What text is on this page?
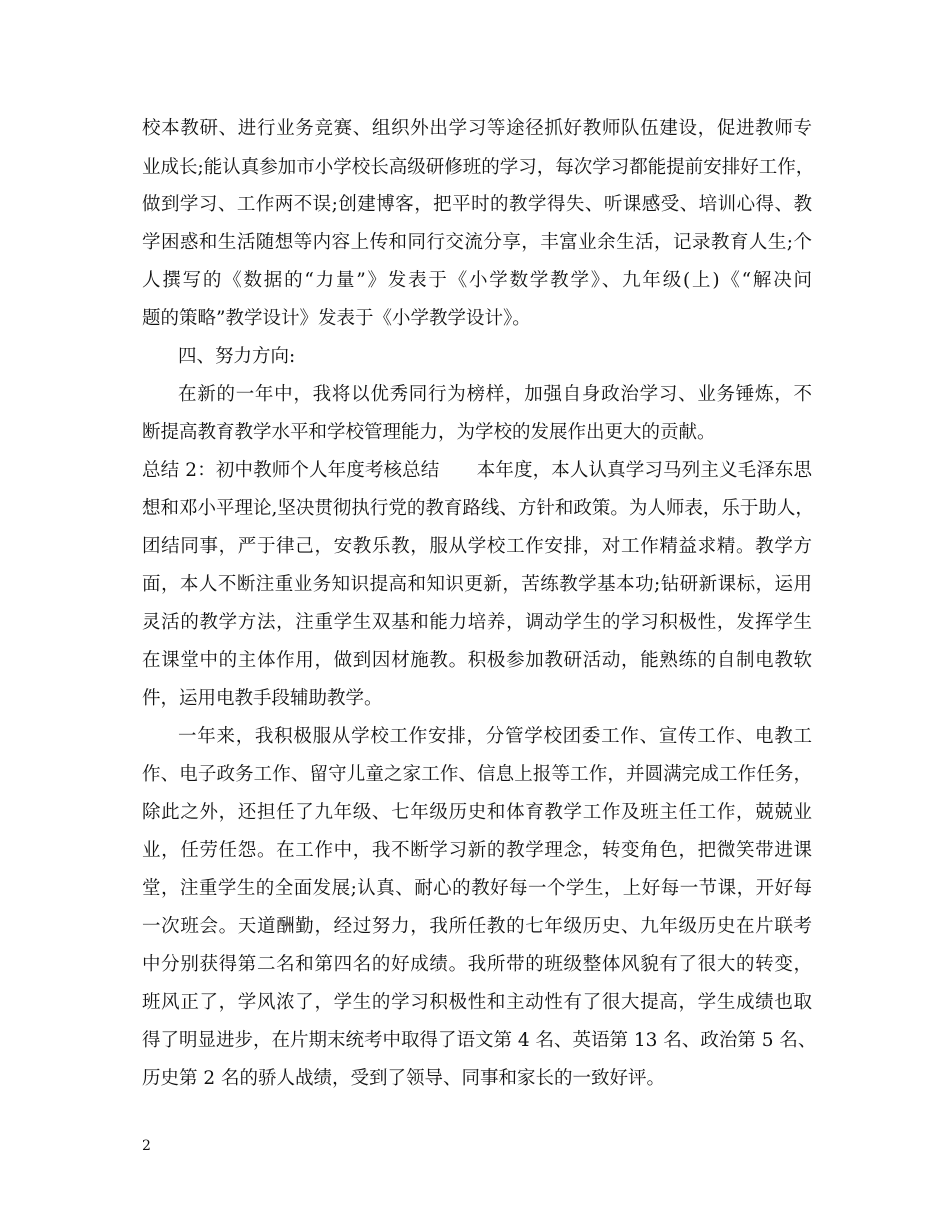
校本教研、进行业务竞赛、组织外出学习等途径抓好教师队伍建设，促进教师专
业成长;能认真参加市小学校长高级研修班的学习，每次学习都能提前安排好工作，
做到学习、工作两不误;创建博客，把平时的教学得失、听课感受、培训心得、教
学困惑和生活随想等内容上传和同行交流分享，丰富业余生活，记录教育人生;个
人撰写的《数据的“力量”》发表于《小学数学教学》、九年级(上)《“解决问
题的策略”教学设计》发表于《小学教学设计》。
四、努力方向:
在新的一年中，我将以优秀同行为榜样，加强自身政治学习、业务锤炼，不
断提高教育教学水平和学校管理能力，为学校的发展作出更大的贡献。
总结 2：初中教师个人年度考核总结　　本年度，本人认真学习马列主义毛泽东思
想和邓小平理论,坚决贯彻执行党的教育路线、方针和政策。为人师表，乐于助人，
团结同事，严于律己，安教乐教，服从学校工作安排，对工作精益求精。教学方
面，本人不断注重业务知识提高和知识更新，苦练教学基本功;钻研新课标，运用
灵活的教学方法，注重学生双基和能力培养，调动学生的学习积极性，发挥学生
在课堂中的主体作用，做到因材施教。积极参加教研活动，能熟练的自制电教软
件，运用电教手段辅助教学。
一年来，我积极服从学校工作安排，分管学校团委工作、宣传工作、电教工
作、电子政务工作、留守儿童之家工作、信息上报等工作，并圆满完成工作任务，
除此之外，还担任了九年级、七年级历史和体育教学工作及班主任工作，兢兢业
业，任劳任怨。在工作中，我不断学习新的教学理念，转变角色，把微笑带进课
堂，注重学生的全面发展;认真、耐心的教好每一个学生，上好每一节课，开好每
一次班会。天道酬勤，经过努力，我所任教的七年级历史、九年级历史在片联考
中分别获得第二名和第四名的好成绩。我所带的班级整体风貌有了很大的转变，
班风正了，学风浓了，学生的学习积极性和主动性有了很大提高，学生成绩也取
得了明显进步，在片期末统考中取得了语文第 4 名、英语第 13 名、政治第 5 名、
历史第 2 名的骄人战绩，受到了领导、同事和家长的一致好评。
2
